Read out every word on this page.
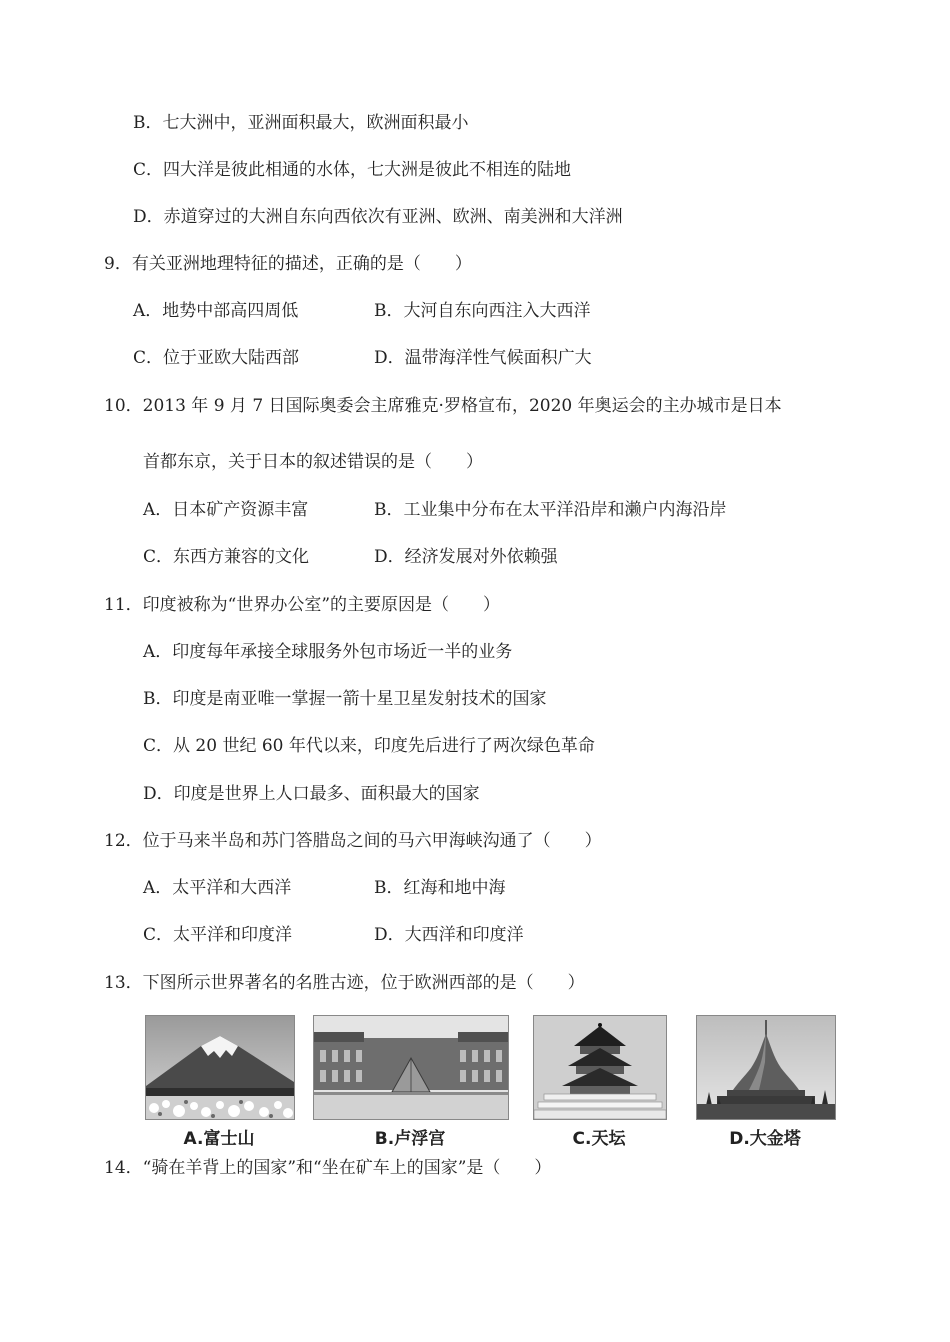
B．七大洲中，亚洲面积最大，欧洲面积最小
C．四大洋是彼此相通的水体，七大洲是彼此不相连的陆地
D．赤道穿过的大洲自东向西依次有亚洲、欧洲、南美洲和大洋洲
9．有关亚洲地理特征的描述，正确的是（　　）
A．地势中部高四周低	B．大河自东向西注入大西洋
C．位于亚欧大陆西部	D．温带海洋性气候面积广大
10．2013 年 9 月 7 日国际奥委会主席雅克·罗格宣布，2020 年奥运会的主办城市是日本
首都东京，关于日本的叙述错误的是（　　）
A．日本矿产资源丰富	B．工业集中分布在太平洋沿岸和濑户内海沿岸
C．东西方兼容的文化	D．经济发展对外依赖强
11．印度被称为“世界办公室”的主要原因是（　　）
A．印度每年承接全球服务外包市场近一半的业务
B．印度是南亚唯一掌握一箭十星卫星发射技术的国家
C．从 20 世纪 60 年代以来，印度先后进行了两次绿色革命
D．印度是世界上人口最多、面积最大的国家
12．位于马来半岛和苏门答腊岛之间的马六甲海峡沟通了（　　）
A．太平洋和大西洋	B．红海和地中海
C．太平洋和印度洋	D．大西洋和印度洋
13．下图所示世界著名的名胜古迹，位于欧洲西部的是（　　）
A.富士山	B.卢浮宫	C.天坛	D.大金塔
14．“骑在羊背上的国家”和“坐在矿车上的国家”是（　　）
